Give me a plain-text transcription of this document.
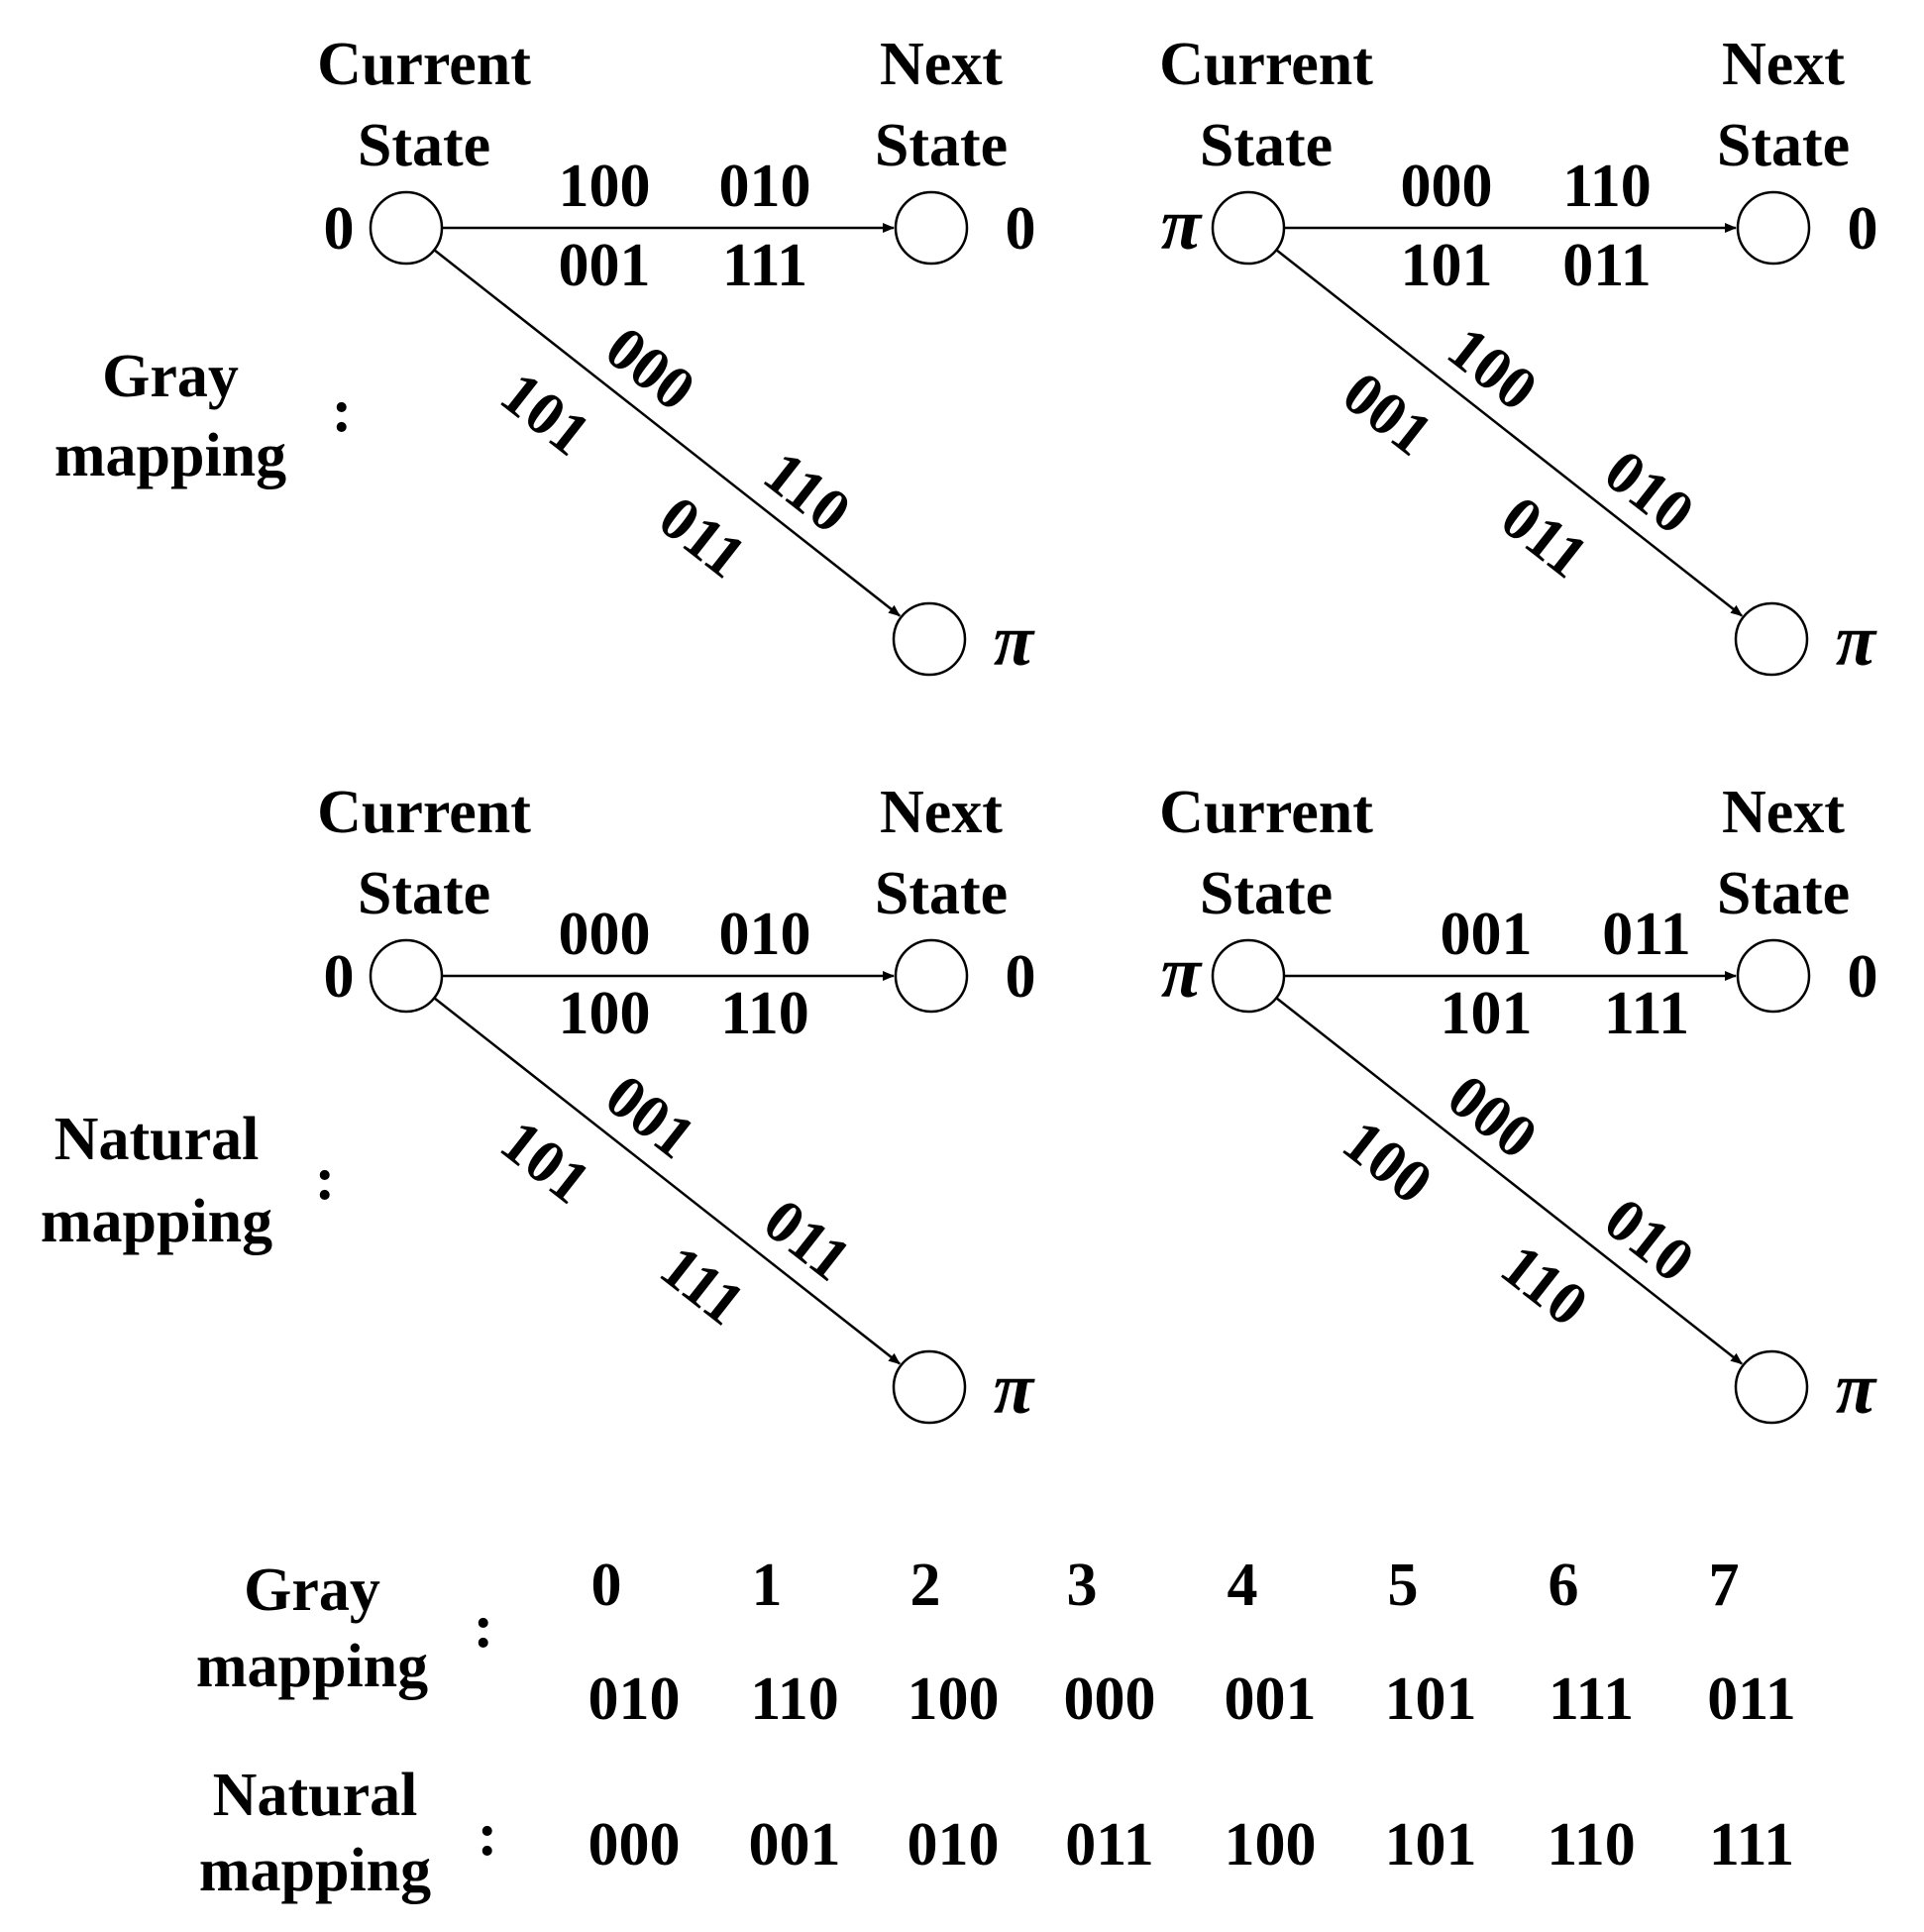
Gray
mapping
:
Current
State
Next
State
0	0
π
100 010
001 111
000
101
110
011
Current
State
Next
State
π	0
π
000 110
101 011
100
001
010
011
Natural
mapping
:
Current
State
Next
State
0	0
π
000 010
100 110
001
101
011
111
Current
State
Next
State
π	0
π
001 011
101 111
000
100
010
110
0 1 2 3 4 5 6 7
Gray
mapping
:
010 110 100 000 001 101 111 011
Natural
mapping
: 000 001 010 011 100 101 110 111
